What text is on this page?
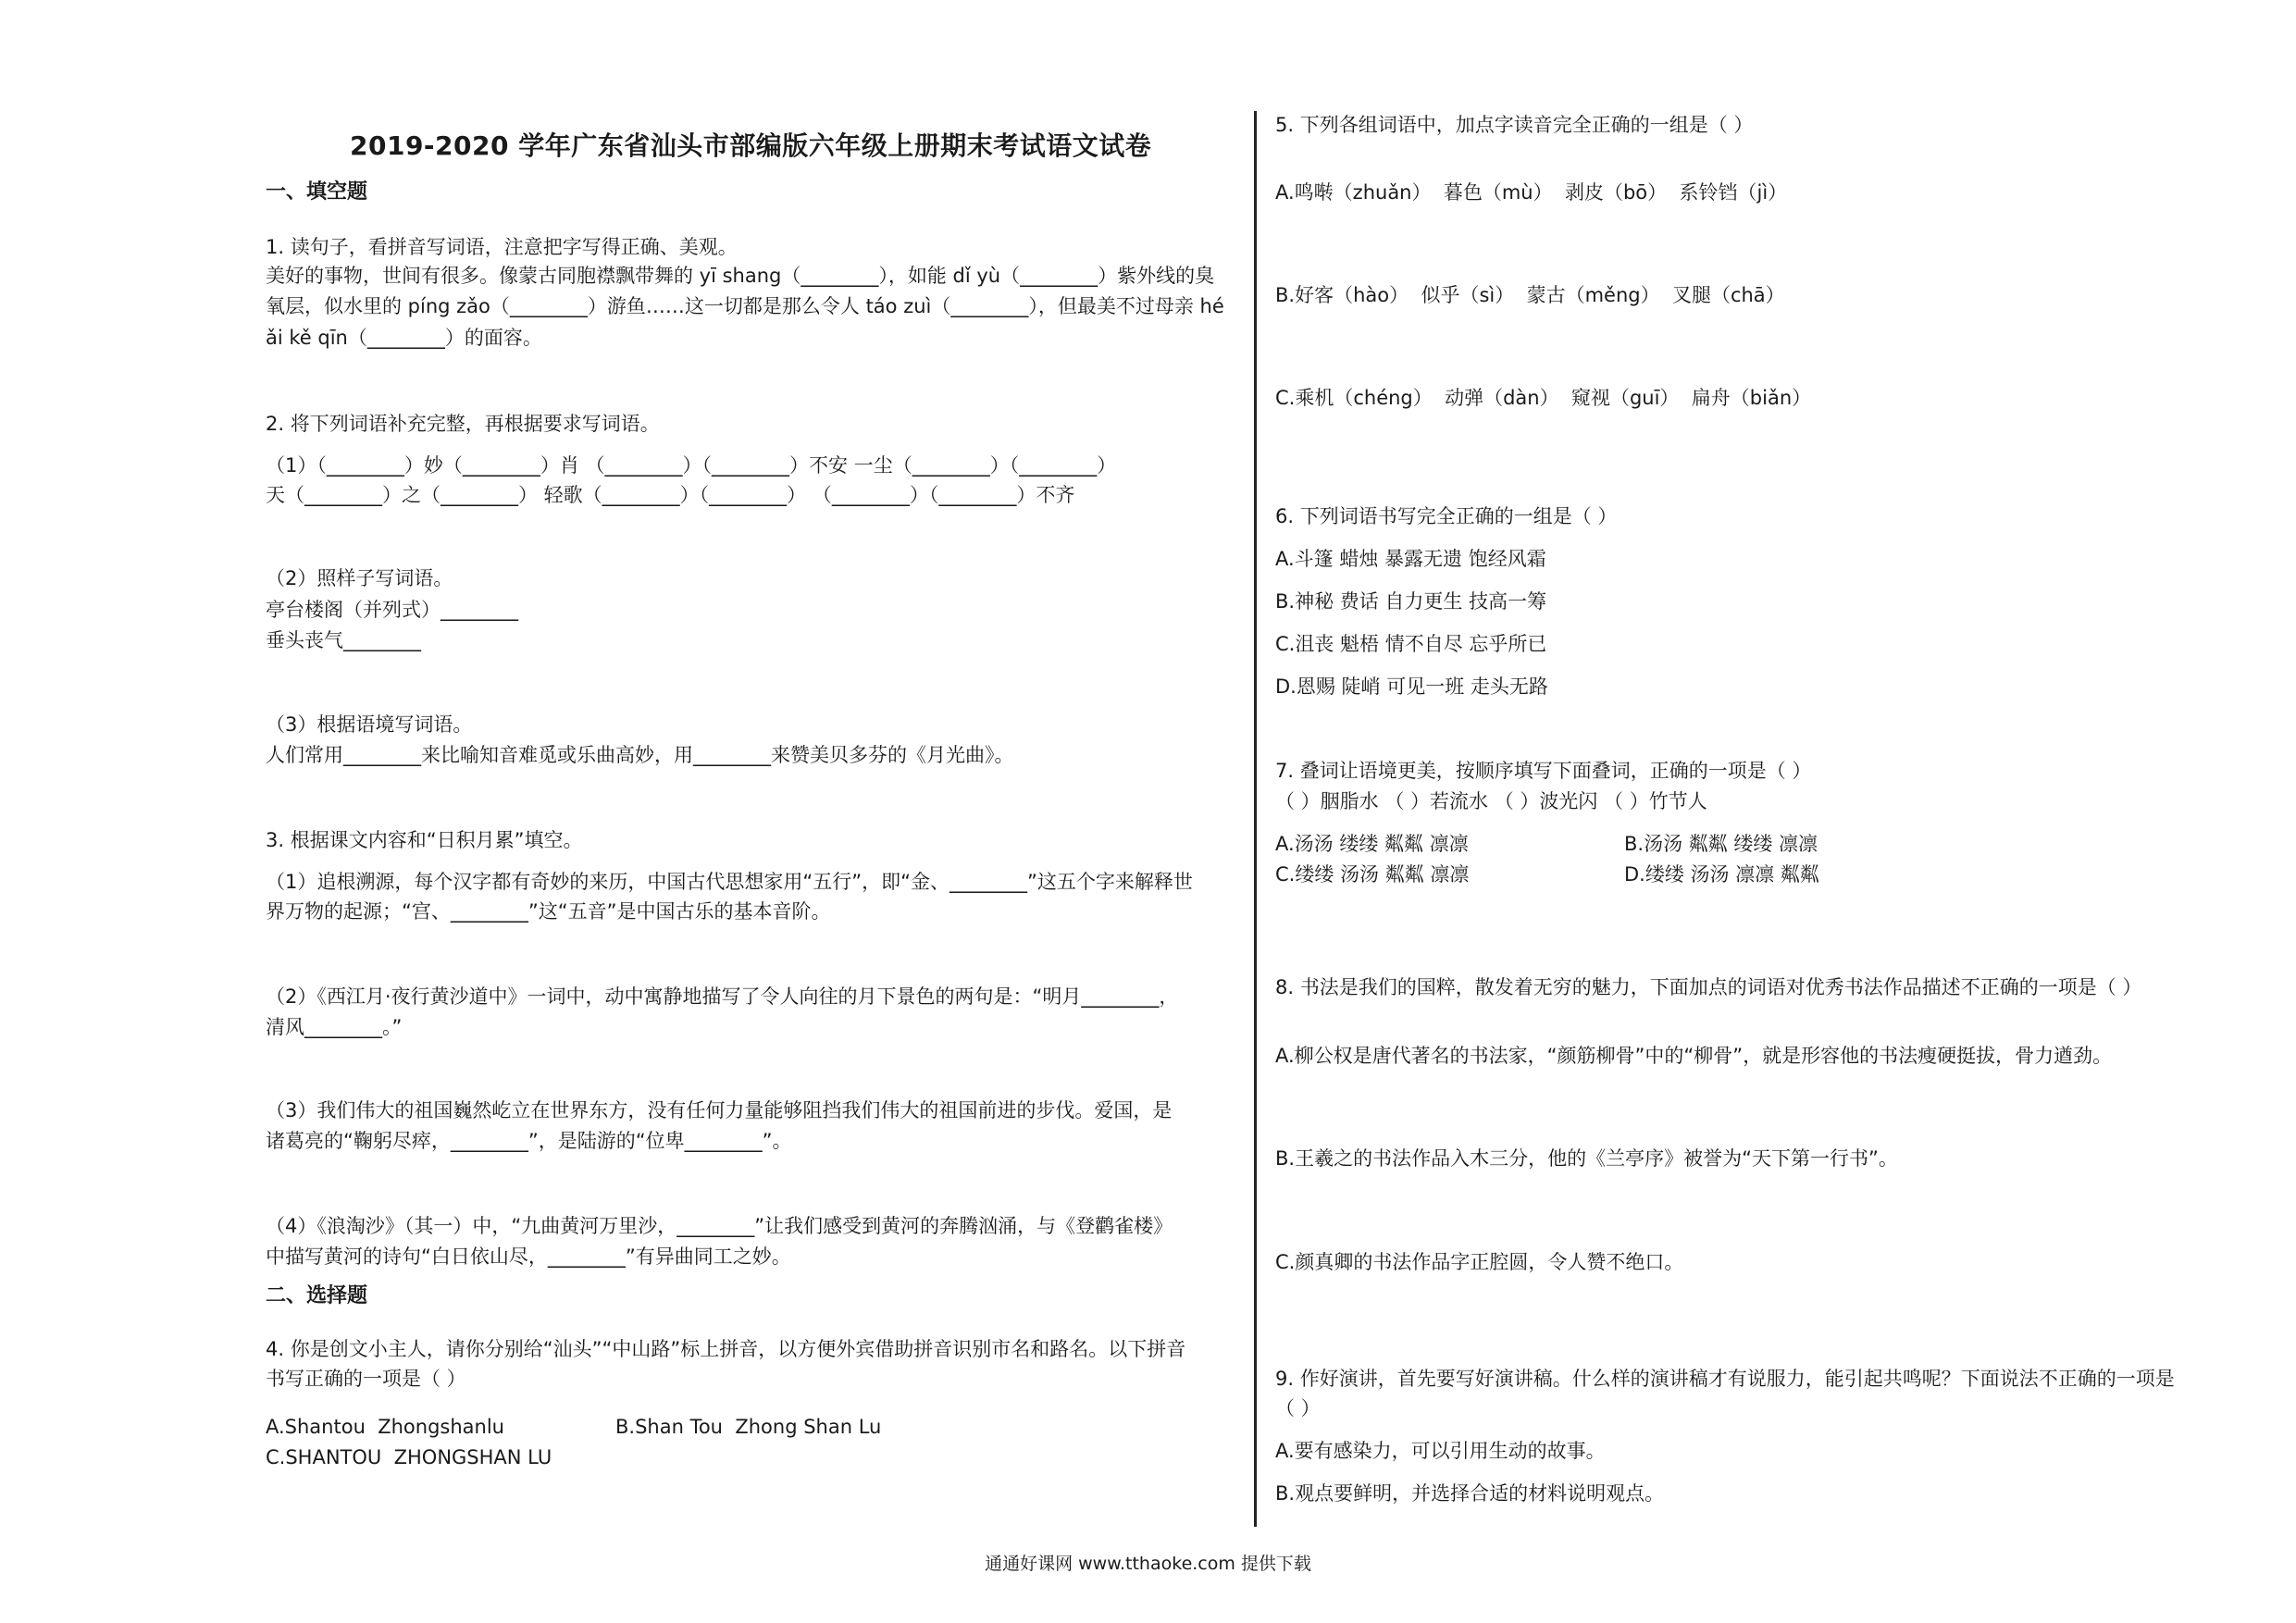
2019-2020 学年广东省汕头市部编版六年级上册期末考试语文试卷
一、填空题
1. 读句子，看拼音写词语，注意把字写得正确、美观。
美好的事物，世间有很多。像蒙古同胞襟飘带舞的 yī shang（________），如能 dǐ yù（________）紫外线的臭
氧层，似水里的 píng zǎo（________）游鱼……这一切都是那么令人 táo zuì（________），但最美不过母亲 hé
ǎi kě qīn（________）的面容。
2. 将下列词语补充完整，再根据要求写词语。
（1）（________）妙（________）肖 （________）（________）不安 一尘（________）（________）
天（________）之（________） 轻歌（________）（________） （________）（________）不齐
（2）照样子写词语。
亭台楼阁（并列式）________
垂头丧气________
（3）根据语境写词语。
人们常用________来比喻知音难觅或乐曲高妙，用________来赞美贝多芬的《月光曲》。
3. 根据课文内容和“日积月累”填空。
（1）追根溯源，每个汉字都有奇妙的来历，中国古代思想家用“五行”，即“金、________”这五个字来解释世
界万物的起源；“宫、________”这“五音”是中国古乐的基本音阶。
（2）《西江月·夜行黄沙道中》一词中，动中寓静地描写了令人向往的月下景色的两句是：“明月________，
清风________。”
（3）我们伟大的祖国巍然屹立在世界东方，没有任何力量能够阻挡我们伟大的祖国前进的步伐。爱国，是
诸葛亮的“鞠躬尽瘁，________”，是陆游的“位卑________”。
（4）《浪淘沙》（其一）中，“九曲黄河万里沙，________”让我们感受到黄河的奔腾汹涌，与《登鹳雀楼》
中描写黄河的诗句“白日依山尽，________”有异曲同工之妙。
二、选择题
4. 你是创文小主人，请你分别给“汕头”“中山路”标上拼音，以方便外宾借助拼音识别市名和路名。以下拼音
书写正确的一项是（ ）
A.Shantou  Zhongshanlu	B.Shan Tou  Zhong Shan Lu
C.SHANTOU  ZHONGSHAN LU
5. 下列各组词语中，加点字读音完全正确的一组是（ ）
A.鸣啭（zhuǎn）  暮色（mù）  剥皮（bō）  系铃铛（jì）
B.好客（hào）  似乎（sì）  蒙古（měng）  叉腿（chā）
C.乘机（chéng）  动弹（dàn）  窥视（guī）  扁舟（biǎn）
6. 下列词语书写完全正确的一组是（ ）
A.斗篷 蜡烛 暴露无遗 饱经风霜
B.神秘 费话 自力更生 技高一筹
C.沮丧 魁梧 情不自尽 忘乎所已
D.恩赐 陡峭 可见一班 走头无路
7. 叠词让语境更美，按顺序填写下面叠词，正确的一项是（ ）
（ ）胭脂水 （ ）若流水 （ ）波光闪 （ ）竹节人
A.汤汤 缕缕 粼粼 凛凛	B.汤汤 粼粼 缕缕 凛凛
C.缕缕 汤汤 粼粼 凛凛	D.缕缕 汤汤 凛凛 粼粼
8. 书法是我们的国粹，散发着无穷的魅力，下面加点的词语对优秀书法作品描述不正确的一项是（ ）
A.柳公权是唐代著名的书法家，“颜筋柳骨”中的“柳骨”，就是形容他的书法瘦硬挺拔，骨力遒劲。
B.王羲之的书法作品入木三分，他的《兰亭序》被誉为“天下第一行书”。
C.颜真卿的书法作品字正腔圆，令人赞不绝口。
9. 作好演讲，首先要写好演讲稿。什么样的演讲稿才有说服力，能引起共鸣呢？下面说法不正确的一项是
（ ）
A.要有感染力，可以引用生动的故事。
B.观点要鲜明，并选择合适的材料说明观点。
通通好课网 www.tthaoke.com 提供下载
